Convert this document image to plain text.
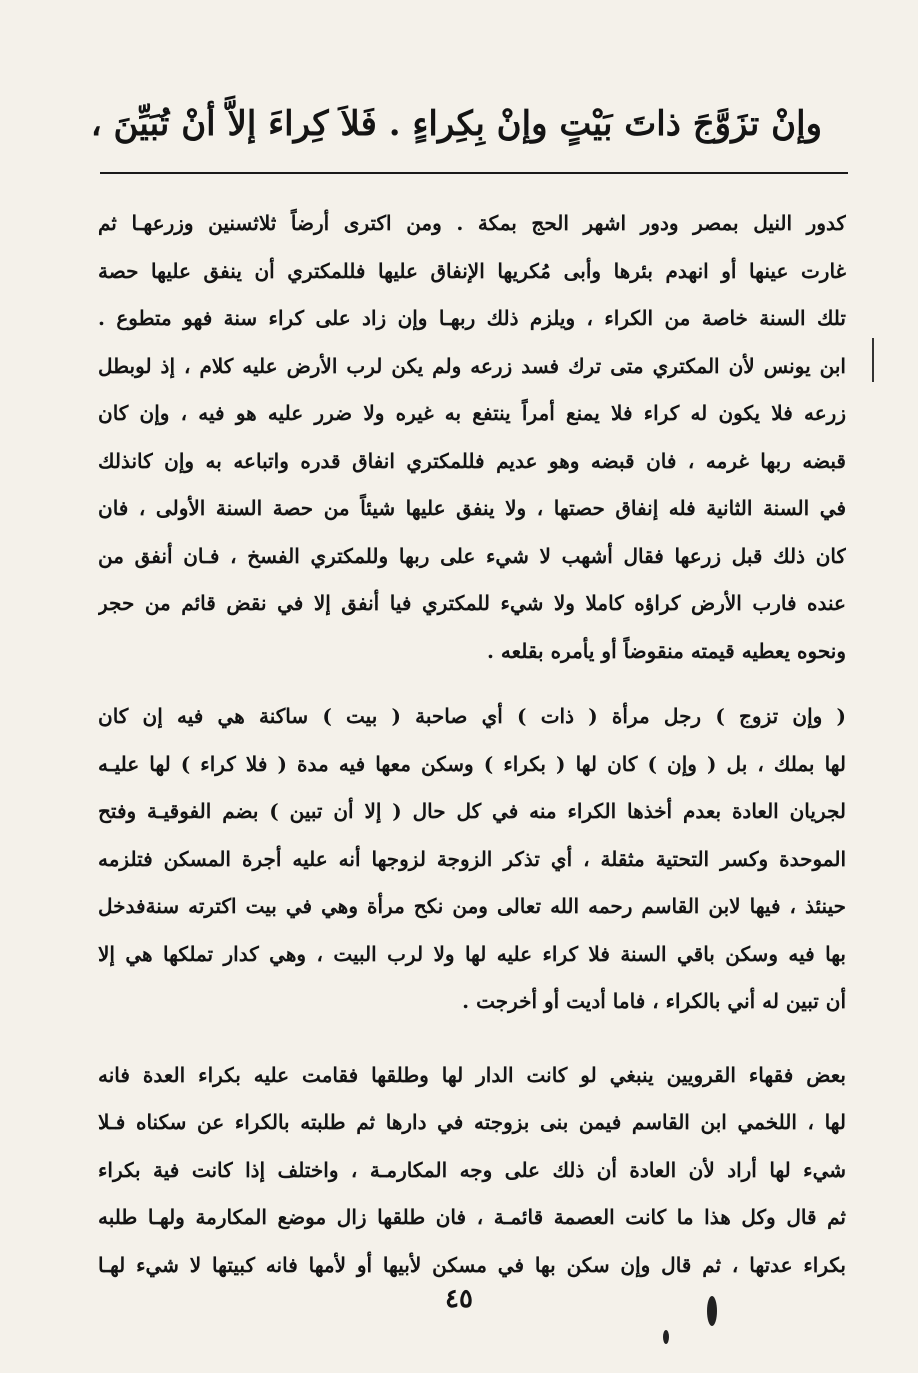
وإنْ تزَوَّجَ ذاتَ بَيْتٍ وإنْ بِكِراءٍ . فَلاَ كِراءَ إلاَّ أنْ تُبَيِّنَ ،

كدور النيل بمصر ودور اشهر الحج بمكة . ومن اكترى أرضاً ثلاثسنين وزرعهـا ثم

غارت عينها أو انهدم بئرها وأبى مُكريها الإنفاق عليها فللمكتري أن ينفق عليها حصة

تلك السنة خاصة من الكراء ، ويلزم ذلك ربهـا وإن زاد على كراء سنة فهو متطوع .

ابن يونس لأن المكتري متى ترك فسد زرعه ولم يكن لرب الأرض عليه كلام ، إذ لوبطل

زرعه فلا يكون له كراء فلا يمنع أمراً ينتفع به غيره ولا ضرر عليه هو فيه ، وإن كان

قبضه ربها غرمه ، فان قبضه وهو عديم فللمكتري انفاق قدره واتباعه به وإن كانذلك

في السنة الثانية فله إنفاق حصتها ، ولا ينفق عليها شيئاً من حصة السنة الأولى ، فان

كان ذلك قبل زرعها فقال أشهب لا شيء على ربها وللمكتري الفسخ ، فـان أنفق من

عنده فارب الأرض كراؤه كاملا ولا شيء للمكتري فيا أنفق إلا في نقض قائم من حجر

ونحوه يعطيه قيمته منقوضاً أو يأمره بقلعه .

( وإن تزوج ) رجل مرأة ( ذات ) أي صاحبة ( بيت ) ساكنة هي فيه إن كان

لها بملك ، بل ( وإن ) كان لها ( بكراء ) وسكن معها فيه مدة ( فلا كراء ) لها عليـه

لجريان العادة بعدم أخذها الكراء منه في كل حال ( إلا أن تبين ) بضم الفوقيـة وفتح

الموحدة وكسر التحتية مثقلة ، أي تذكر الزوجة لزوجها أنه عليه أجرة المسكن فتلزمه

حينئذ ، فيها لابن القاسم رحمه الله تعالى ومن نكح مرأة وهي في بيت اكترته سنةفدخل

بها فيه وسكن باقي السنة فلا كراء عليه لها ولا لرب البيت ، وهي كدار تملكها هي إلا

أن تبين له أني بالكراء ، فاما أديت أو أخرجت .

بعض فقهاء القرويين ينبغي لو كانت الدار لها وطلقها فقامت عليه بكراء العدة فانه

لها ، اللخمي ابن القاسم فيمن بنى بزوجته في دارها ثم طلبته بالكراء عن سكناه فـلا

شيء لها أراد لأن العادة أن ذلك على وجه المكارمـة ، واختلف إذا كانت فية بكراء

ثم قال وكل هذا ما كانت العصمة قائمـة ، فان طلقها زال موضع المكارمة ولهـا طلبه

بكراء عدتها ، ثم قال وإن سكن بها في مسكن لأبيها أو لأمها فانه كبيتها لا شيء لهـا

٤٥
